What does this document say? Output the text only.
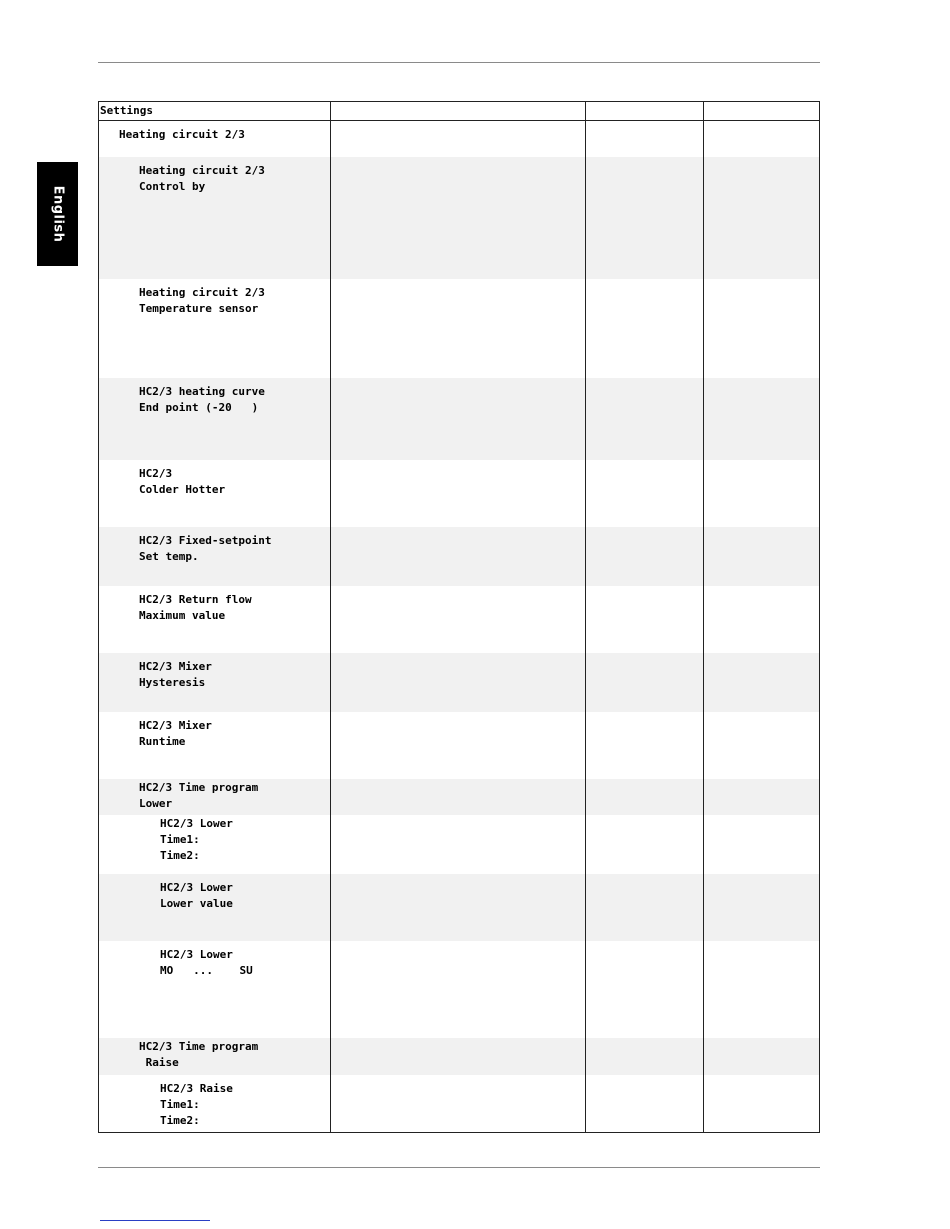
English
Settings
Heating circuit 2/3
Heating circuit 2/3
Control by
Heating circuit 2/3
Temperature sensor
HC2/3 heating curve
End point (-20   )
HC2/3
Colder Hotter
HC2/3 Fixed-setpoint
Set temp.
HC2/3 Return flow
Maximum value
HC2/3 Mixer
Hysteresis
HC2/3 Mixer
Runtime
HC2/3 Time program
Lower
HC2/3 Lower
Time1:
Time2:
HC2/3 Lower
Lower value
HC2/3 Lower
MO   ...    SU
HC2/3 Time program
Raise
HC2/3 Raise
Time1:
Time2:
